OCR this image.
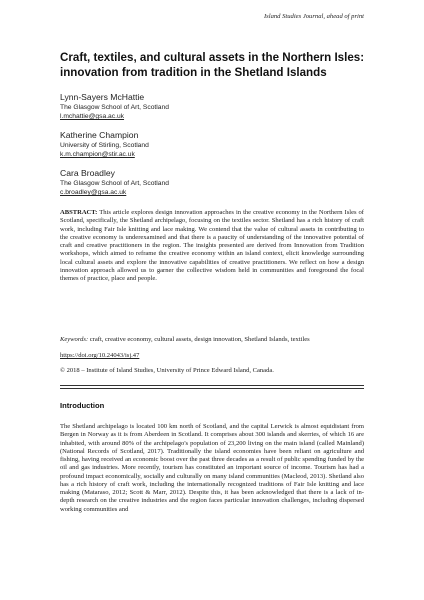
Island Studies Journal, ahead of print
Craft, textiles, and cultural assets in the Northern Isles: innovation from tradition in the Shetland Islands
Lynn-Sayers McHattie
The Glasgow School of Art, Scotland
l.mchattie@gsa.ac.uk
Katherine Champion
University of Stirling, Scotland
k.m.champion@stir.ac.uk
Cara Broadley
The Glasgow School of Art, Scotland
c.broadley@gsa.ac.uk

ABSTRACT: This article explores design innovation approaches in the creative economy in the Northern Isles of Scotland, specifically, the Shetland archipelago, focusing on the textiles sector. Shetland has a rich history of craft work, including Fair Isle knitting and lace making. We contend that the value of cultural assets in contributing to the creative economy is underexamined and that there is a paucity of understanding of the innovative potential of craft and creative practitioners in the region. The insights presented are derived from Innovation from Tradition workshops, which aimed to reframe the creative economy within an island context, elicit knowledge surrounding local cultural assets and explore the innovative capabilities of creative practitioners. We reflect on how a design innovation approach allowed us to garner the collective wisdom held in communities and foreground the focal themes of practice, place and people.

Keywords: craft, creative economy, cultural assets, design innovation, Shetland Islands, textiles

https://doi.org/10.24043/isj.47
© 2018 – Institute of Island Studies, University of Prince Edward Island, Canada.
Introduction

The Shetland archipelago is located 100 km north of Scotland, and the capital Lerwick is almost equidistant from Bergen in Norway as it is from Aberdeen in Scotland. It comprises about 300 islands and skerries, of which 16 are inhabited, with around 80% of the archipelago's population of 23,200 living on the main island (called Mainland) (National Records of Scotland, 2017). Traditionally the island economies have been reliant on agriculture and fishing, having received an economic boost over the past three decades as a result of public spending funded by the oil and gas industries. More recently, tourism has constituted an important source of income. Tourism has had a profound impact economically, socially and culturally on many island communities (Macleod, 2013). Shetland also has a rich history of craft work, including the internationally recognized traditions of Fair Isle knitting and lace making (Mataraso, 2012; Scott & Marr, 2012). Despite this, it has been acknowledged that there is a lack of in-depth research on the creative industries and the region faces particular innovation challenges, including dispersed working communities and
